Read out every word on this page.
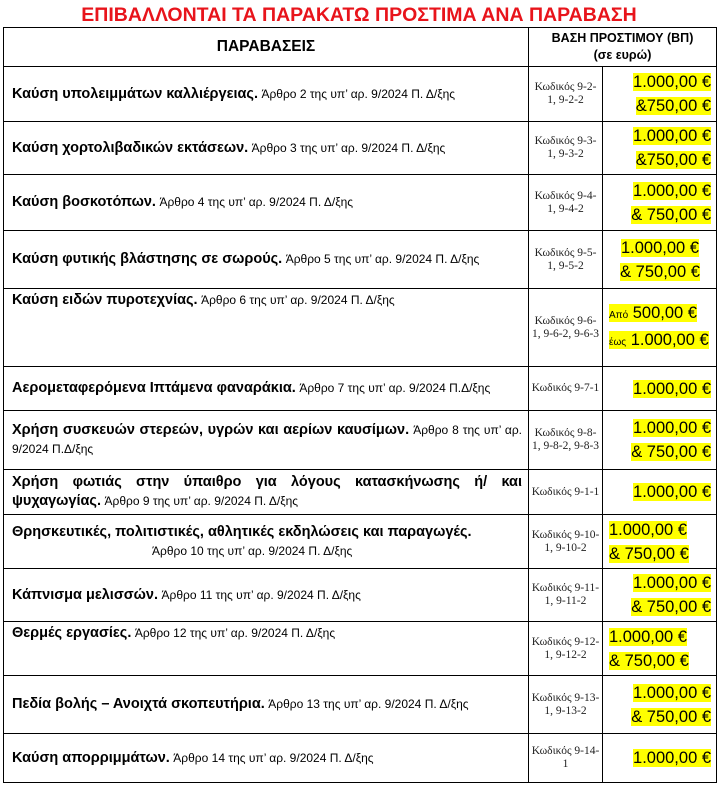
ΕΠΙΒΑΛΛΟΝΤΑΙ ΤΑ ΠΑΡΑΚΑΤΩ ΠΡΟΣΤΙΜΑ ΑΝΑ ΠΑΡΑΒΑΣΗ
ΠΑΡΑΒΑΣΕΙΣ	ΒΑΣΗ ΠΡΟΣΤΙΜΟΥ (ΒΠ)
(σε ευρώ)	
Καύση υπολειμμάτων καλλιέργειας. Άρθρο 2 της υπ’ αρ. 9/2024 Π. Δ/ξης	Κωδικός 9-2-1, 9-2-2	1.000,00 €
&750,00 €

Καύση χορτολιβαδικών εκτάσεων. Άρθρο 3 της υπ’ αρ. 9/2024 Π. Δ/ξης	Κωδικός 9-3-1, 9-3-2	1.000,00 €
&750,00 €

Καύση βοσκοτόπων. Άρθρο 4 της υπ’ αρ. 9/2024 Π. Δ/ξης	Κωδικός 9-4-1, 9-4-2	1.000,00 €
& 750,00 €

Καύση φυτικής βλάστησης σε σωρούς. Άρθρο 5 της υπ’ αρ. 9/2024 Π. Δ/ξης	Κωδικός 9-5-1, 9-5-2	1.000,00 €
& 750,00 €

Καύση ειδών πυροτεχνίας. Άρθρο 6 της υπ’ αρ. 9/2024 Π. Δ/ξης	Κωδικός 9-6-1, 9-6-2, 9-6-3	Από 500,00 €
έως 1.000,00 €

Αερομεταφερόμενα Ιπτάμενα φαναράκια. Άρθρο 7 της υπ’ αρ. 9/2024 Π.Δ/ξης	Κωδικός 9-7-1	1.000,00 €

Χρήση συσκευών στερεών, υγρών και αερίων καυσίμων. Άρθρο 8 της υπ’ αρ. 9/2024 Π.Δ/ξης	Κωδικός 9-8-1, 9-8-2, 9-8-3	1.000,00 €
& 750,00 €

Χρήση φωτιάς στην ύπαιθρο για λόγους κατασκήνωσης ή/ και ψυχαγωγίας. Άρθρο 9 της υπ’ αρ. 9/2024 Π. Δ/ξης	Κωδικός 9-1-1	1.000,00 €

Θρησκευτικές, πολιτιστικές, αθλητικές εκδηλώσεις και παραγωγές.
Άρθρο 10 της υπ’ αρ. 9/2024 Π. Δ/ξης	Κωδικός 9-10-1, 9-10-2	1.000,00 €
& 750,00 €

Κάπνισμα μελισσών. Άρθρο 11 της υπ’ αρ. 9/2024 Π. Δ/ξης	Κωδικός 9-11-1, 9-11-2	1.000,00 €
& 750,00 €

Θερμές εργασίες. Άρθρο 12 της υπ’ αρ. 9/2024 Π. Δ/ξης	Κωδικός 9-12-1, 9-12-2	1.000,00 €
& 750,00 €

Πεδία βολής – Ανοιχτά σκοπευτήρια. Άρθρο 13 της υπ’ αρ. 9/2024 Π. Δ/ξης	Κωδικός 9-13-1, 9-13-2	1.000,00 €
& 750,00 €

Καύση απορριμμάτων. Άρθρο 14 της υπ’ αρ. 9/2024 Π. Δ/ξης	Κωδικός 9-14-1	1.000,00 €
